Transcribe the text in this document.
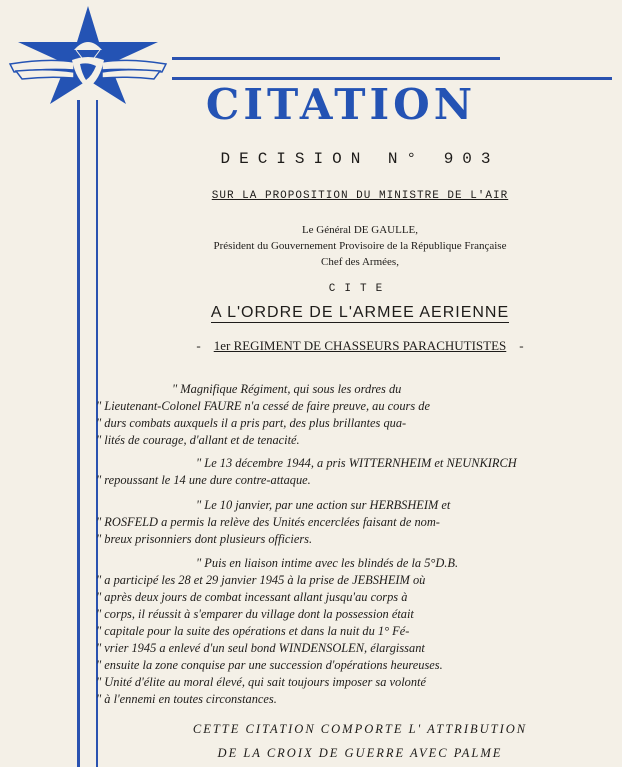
CITATION
DECISION N° 903
SUR LA PROPOSITION DU MINISTRE DE L'AIR
Le Général DE GAULLE,
Président du Gouvernement Provisoire de la République Française
Chef des Armées,
CITE
A L'ORDRE DE L'ARMEE AERIENNE
- 1er REGIMENT DE CHASSEURS PARACHUTISTES -
" Magnifique Régiment, qui sous les ordres du
" Lieutenant-Colonel FAURE n'a cessé de faire preuve, au cours de
" durs combats auxquels il a pris part, des plus brillantes qua-
" lités de courage, d'allant et de tenacité.
" Le 13 décembre 1944, a pris WITTERNHEIM et NEUNKIRCH
" repoussant le 14 une dure contre-attaque.
" Le 10 janvier, par une action sur HERBSHEIM et
" ROSFELD a permis la relève des Unités encerclées faisant de nom-
" breux prisonniers dont plusieurs officiers.
" Puis en liaison intime avec les blindés de la 5°D.B.
" a participé les 28 et 29 janvier 1945 à la prise de JEBSHEIM où
" après deux jours de combat incessant allant jusqu'au corps à
" corps, il réussit à s'emparer du village dont la possession était
" capitale pour la suite des opérations et dans la nuit du 1° Fé-
" vrier 1945 a enlevé d'un seul bond WINDENSOLEN, élargissant
" ensuite la zone conquise par une succession d'opérations heureuses.
" Unité d'élite au moral élevé, qui sait toujours imposer sa volonté
" à l'ennemi en toutes circonstances.
CETTE CITATION COMPORTE L' ATTRIBUTION
DE LA CROIX DE GUERRE AVEC PALME
